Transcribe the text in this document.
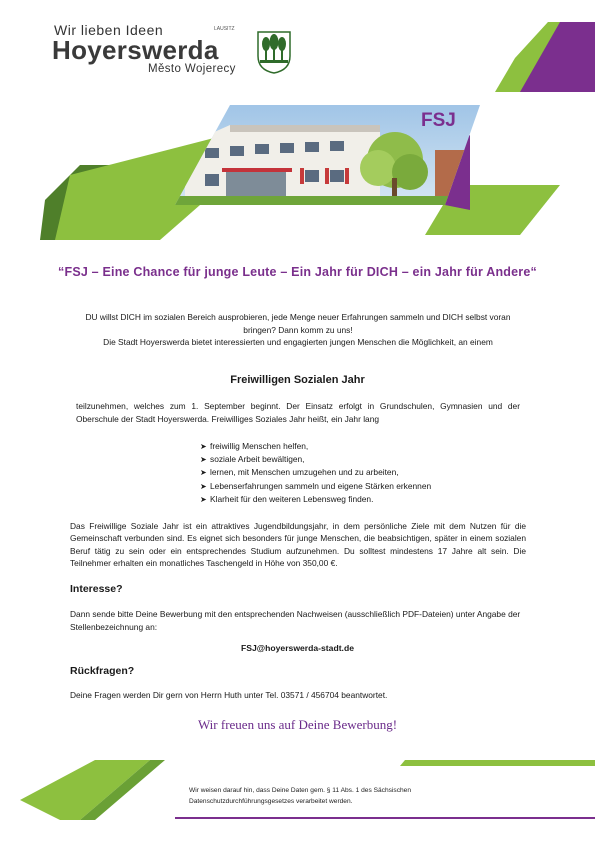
FSJ
Wir lieben Ideen	LAUSITZ
Hoyerswerda
Město Wojerecy
“FSJ – Eine Chance für junge Leute – Ein Jahr für DICH – ein Jahr für Andere“

DU willst DICH im sozialen Bereich ausprobieren, jede Menge neuer Erfahrungen sammeln und DICH selbst voran bringen? Dann komm zu uns!

Die Stadt Hoyerswerda bietet interessierten und engagierten jungen Menschen die Möglichkeit, an einem

Freiwilligen Sozialen Jahr
teilzunehmen, welches zum 1. September beginnt. Der Einsatz erfolgt in Grundschulen, Gymnasien und der Oberschule der Stadt Hoyerswerda. Freiwilliges Soziales Jahr heißt, ein Jahr lang
➤ freiwillig Menschen helfen,
➤ soziale Arbeit bewältigen,
➤ lernen, mit Menschen umzugehen und zu arbeiten,
➤ Lebenserfahrungen sammeln und eigene Stärken erkennen
➤ Klarheit für den weiteren Lebensweg finden.
Das Freiwillige Soziale Jahr ist ein attraktives Jugendbildungsjahr, in dem persönliche Ziele mit dem Nutzen für die Gemeinschaft verbunden sind. Es eignet sich besonders für junge Menschen, die beabsichtigen, später in einem sozialen Beruf tätig zu sein oder ein entsprechendes Studium aufzunehmen. Du solltest mindestens 17 Jahre alt sein. Die Teilnehmer erhalten ein monatliches Taschengeld in Höhe von 350,00 €.
Interesse?
Dann sende bitte Deine Bewerbung mit den entsprechenden Nachweisen (ausschließlich PDF-Dateien) unter Angabe der Stellenbezeichnung an:
FSJ@hoyerswerda-stadt.de
Rückfragen?
Deine Fragen werden Dir gern von Herrn Huth unter Tel. 03571 / 456704 beantwortet.
Wir freuen uns auf Deine Bewerbung!
Wir weisen darauf hin, dass Deine Daten gem. § 11 Abs. 1 des Sächsischen
Datenschutzdurchführungsgesetzes verarbeitet werden.
